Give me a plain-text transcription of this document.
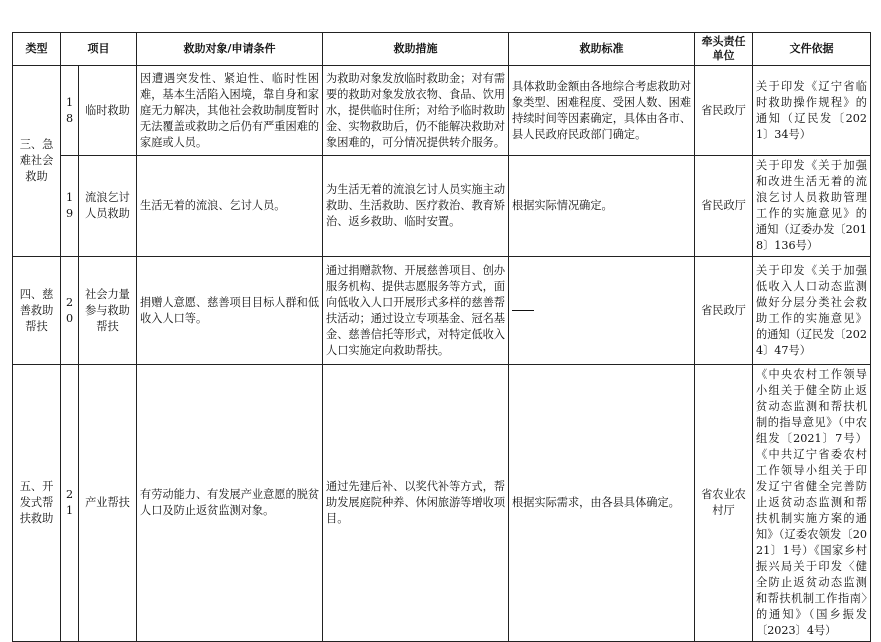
类型	项目		救助对象/申请条件	救助措施	救助标准	牵头责任单位	文件依据
三、急难社会救助	18	临时救助	因遭遇突发性、紧迫性、临时性困难，基本生活陷入困境，靠自身和家庭无力解决，其他社会救助制度暂时无法覆盖或救助之后仍有严重困难的家庭或人员。	为救助对象发放临时救助金；对有需要的救助对象发放衣物、食品、饮用水，提供临时住所；对给予临时救助金、实物救助后，仍不能解决救助对象困难的，可分情况提供转介服务。	具体救助金额由各地综合考虑救助对象类型、困难程度、受困人数、困难持续时间等因素确定，具体由各市、县人民政府民政部门确定。	省民政厅	关于印发《辽宁省临时救助操作规程》的通知（辽民发〔2021〕34号）
	19	流浪乞讨人员救助	生活无着的流浪、乞讨人员。	为生活无着的流浪乞讨人员实施主动救助、生活救助、医疗救治、教育矫治、返乡救助、临时安置。	根据实际情况确定。	省民政厅	关于印发《关于加强和改进生活无着的流浪乞讨人员救助管理工作的实施意见》的通知（辽委办发〔2018〕136号）
四、慈善救助帮扶	20	社会力量参与救助帮扶	捐赠人意愿、慈善项目目标人群和低收入人口等。	通过捐赠款物、开展慈善项目、创办服务机构、提供志愿服务等方式，面向低收入人口开展形式多样的慈善帮扶活动；通过设立专项基金、冠名基金、慈善信托等形式，对特定低收入人口实施定向救助帮扶。		省民政厅	关于印发《关于加强低收入人口动态监测做好分层分类社会救助工作的实施意见》的通知（辽民发〔2024〕47号）
五、开发式帮扶救助	21	产业帮扶	有劳动能力、有发展产业意愿的脱贫人口及防止返贫监测对象。	通过先建后补、以奖代补等方式，帮助发展庭院种养、休闲旅游等增收项目。	根据实际需求，由各县具体确定。	省农业农村厅	《中央农村工作领导小组关于健全防止返贫动态监测和帮扶机制的指导意见》（中农组发〔2021〕7号）《中共辽宁省委农村工作领导小组关于印发辽宁省健全完善防止返贫动态监测和帮扶机制实施方案的通知》（辽委农领发〔2021〕1号）《国家乡村振兴局关于印发〈健全防止返贫动态监测和帮扶机制工作指南〉的通知》（国乡振发〔2023〕4号）
